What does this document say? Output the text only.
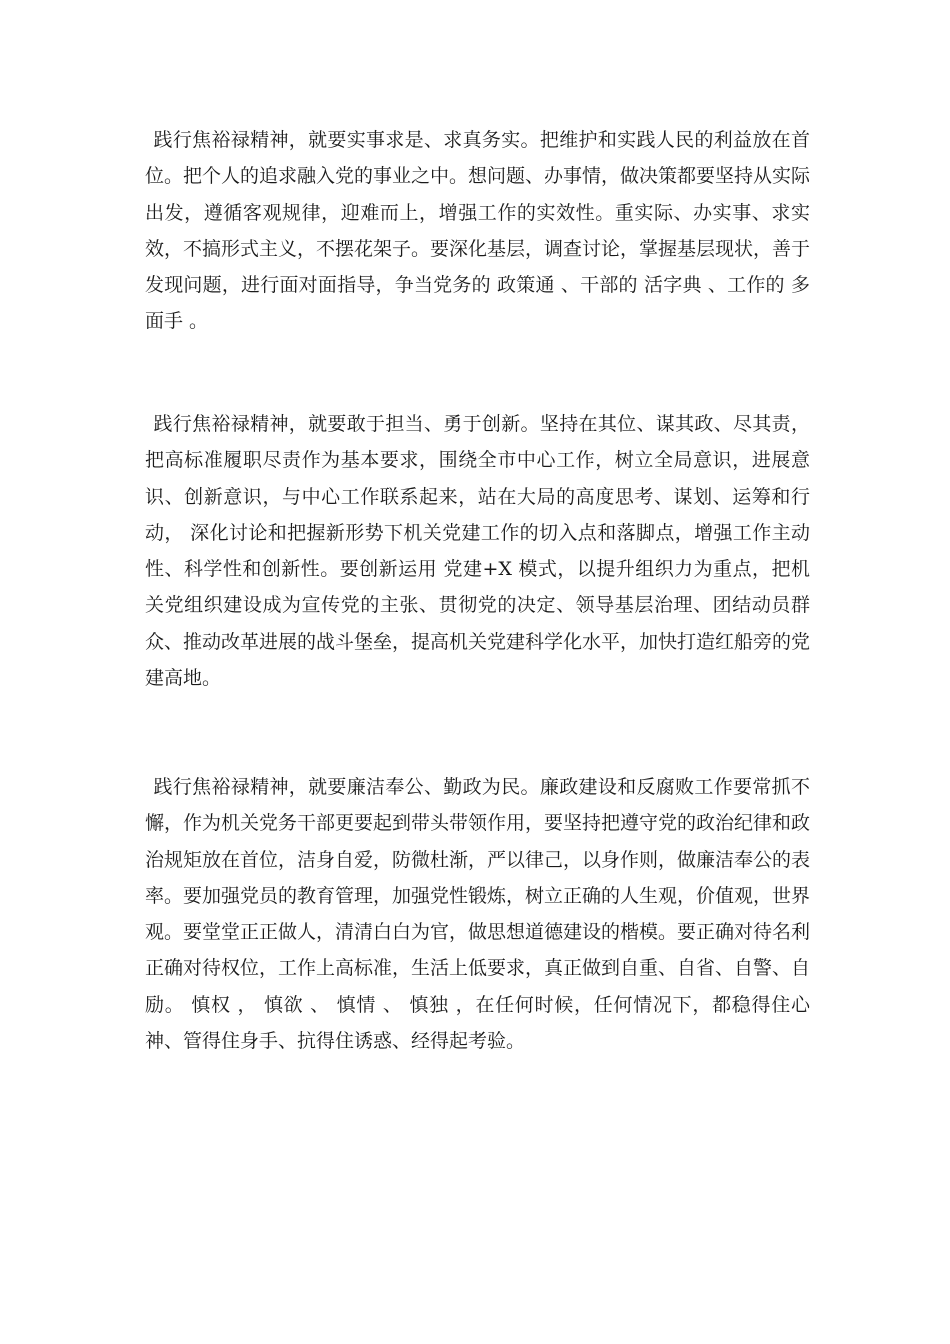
践行焦裕禄精神，就要实事求是、求真务实。把维护和实践人民的利益放在首位。把个人的追求融入党的事业之中。想问题、办事情，做决策都要坚持从实际出发，遵循客观规律，迎难而上，增强工作的实效性。重实际、办实事、求实效，不搞形式主义，不摆花架子。要深化基层，调查讨论，掌握基层现状，善于发现问题，进行面对面指导，争当党务的 政策通 、干部的 活字典 、工作的 多面手 。

践行焦裕禄精神，就要敢于担当、勇于创新。坚持在其位、谋其政、尽其责，把高标准履职尽责作为基本要求，围绕全市中心工作，树立全局意识，进展意识、创新意识，与中心工作联系起来，站在大局的高度思考、谋划、运筹和行动， 深化讨论和把握新形势下机关党建工作的切入点和落脚点，增强工作主动性、科学性和创新性。要创新运用 党建+X 模式，以提升组织力为重点，把机关党组织建设成为宣传党的主张、贯彻党的决定、领导基层治理、团结动员群众、推动改革进展的战斗堡垒，提高机关党建科学化水平，加快打造红船旁的党建高地。

践行焦裕禄精神，就要廉洁奉公、勤政为民。廉政建设和反腐败工作要常抓不懈，作为机关党务干部更要起到带头带领作用，要坚持把遵守党的政治纪律和政治规矩放在首位，洁身自爱，防微杜渐，严以律己，以身作则，做廉洁奉公的表率。要加强党员的教育管理，加强党性锻炼，树立正确的人生观，价值观，世界观。要堂堂正正做人，清清白白为官，做思想道德建设的楷模。要正确对待名利正确对待权位，工作上高标准，生活上低要求，真正做到自重、自省、自警、自励。 慎权 ， 慎欲 、 慎情 、 慎独 ，在任何时候，任何情况下，都稳得住心神、管得住身手、抗得住诱惑、经得起考验。
